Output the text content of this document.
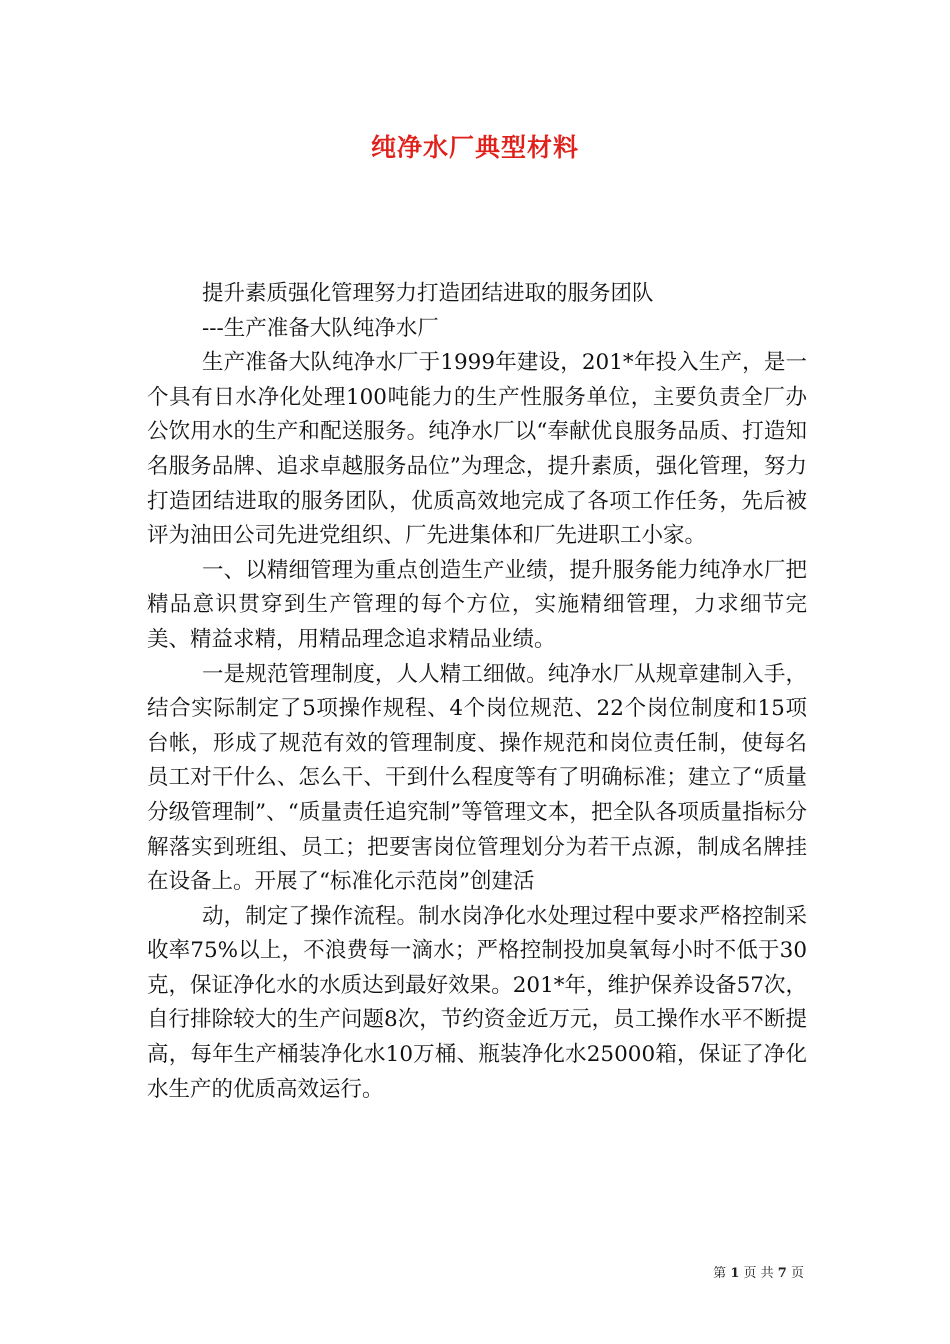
纯净水厂典型材料
提升素质强化管理努力打造团结进取的服务团队
---生产准备大队纯净水厂

生产准备大队纯净水厂于1999年建设，201*年投入生产，是一个具有日水净化处理100吨能力的生产性服务单位，主要负责全厂办公饮用水的生产和配送服务。纯净水厂以“奉献优良服务品质、打造知名服务品牌、追求卓越服务品位”为理念，提升素质，强化管理，努力打造团结进取的服务团队，优质高效地完成了各项工作任务，先后被评为油田公司先进党组织、厂先进集体和厂先进职工小家。

一、以精细管理为重点创造生产业绩，提升服务能力纯净水厂把精品意识贯穿到生产管理的每个方位，实施精细管理，力求细节完美、精益求精，用精品理念追求精品业绩。

一是规范管理制度，人人精工细做。纯净水厂从规章建制入手，结合实际制定了5项操作规程、4个岗位规范、22个岗位制度和15项台帐，形成了规范有效的管理制度、操作规范和岗位责任制，使每名员工对干什么、怎么干、干到什么程度等有了明确标准；建立了“质量分级管理制”、“质量责任追究制”等管理文本，把全队各项质量指标分解落实到班组、员工；把要害岗位管理划分为若干点源，制成名牌挂在设备上。开展了“标准化示范岗”创建活

动，制定了操作流程。制水岗净化水处理过程中要求严格控制采收率75%以上，不浪费每一滴水；严格控制投加臭氧每小时不低于30克，保证净化水的水质达到最好效果。201*年，维护保养设备57次，自行排除较大的生产问题8次，节约资金近万元，员工操作水平不断提高，每年生产桶装净化水10万桶、瓶装净化水25000箱，保证了净化水生产的优质高效运行。

第 1 页 共 7 页
